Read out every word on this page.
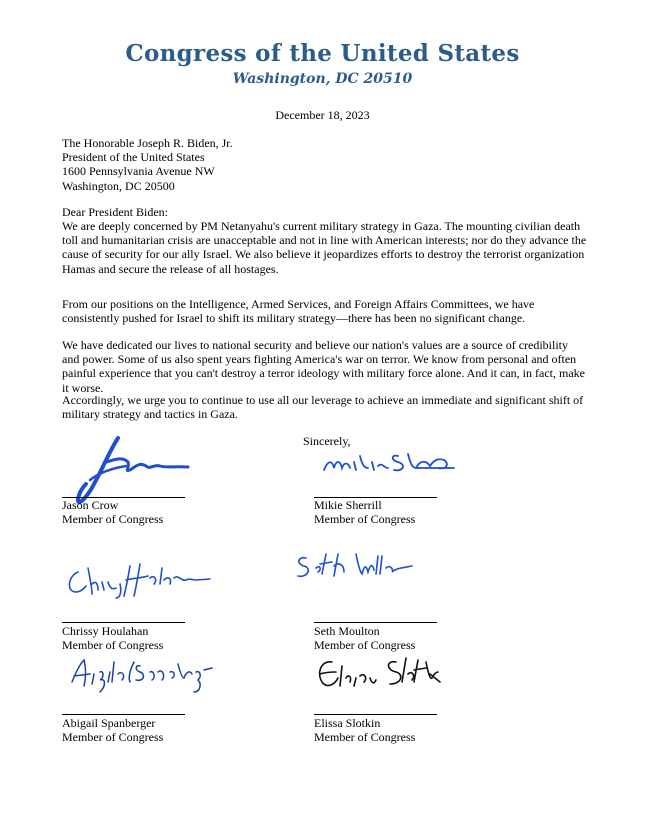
Congress of the United States
Washington, DC 20510
December 18, 2023
The Honorable Joseph R. Biden, Jr.
President of the United States
1600 Pennsylvania Avenue NW
Washington, DC 20500
Dear President Biden:

We are deeply concerned by PM Netanyahu's current military strategy in Gaza. The mounting civilian death toll and humanitarian crisis are unacceptable and not in line with American interests; nor do they advance the cause of security for our ally Israel. We also believe it jeopardizes efforts to destroy the terrorist organization Hamas and secure the release of all hostages.

From our positions on the Intelligence, Armed Services, and Foreign Affairs Committees, we have consistently pushed for Israel to shift its military strategy—there has been no significant change.

We have dedicated our lives to national security and believe our nation's values are a source of credibility and power. Some of us also spent years fighting America's war on terror. We know from personal and often painful experience that you can't destroy a terror ideology with military force alone. And it can, in fact, make it worse.

Accordingly, we urge you to continue to use all our leverage to achieve an immediate and significant shift of military strategy and tactics in Gaza.

Sincerely,
Jason Crow
Member of Congress
Mikie Sherrill
Member of Congress
Chrissy Houlahan
Member of Congress
Seth Moulton
Member of Congress
Abigail Spanberger
Member of Congress
Elissa Slotkin
Member of Congress
